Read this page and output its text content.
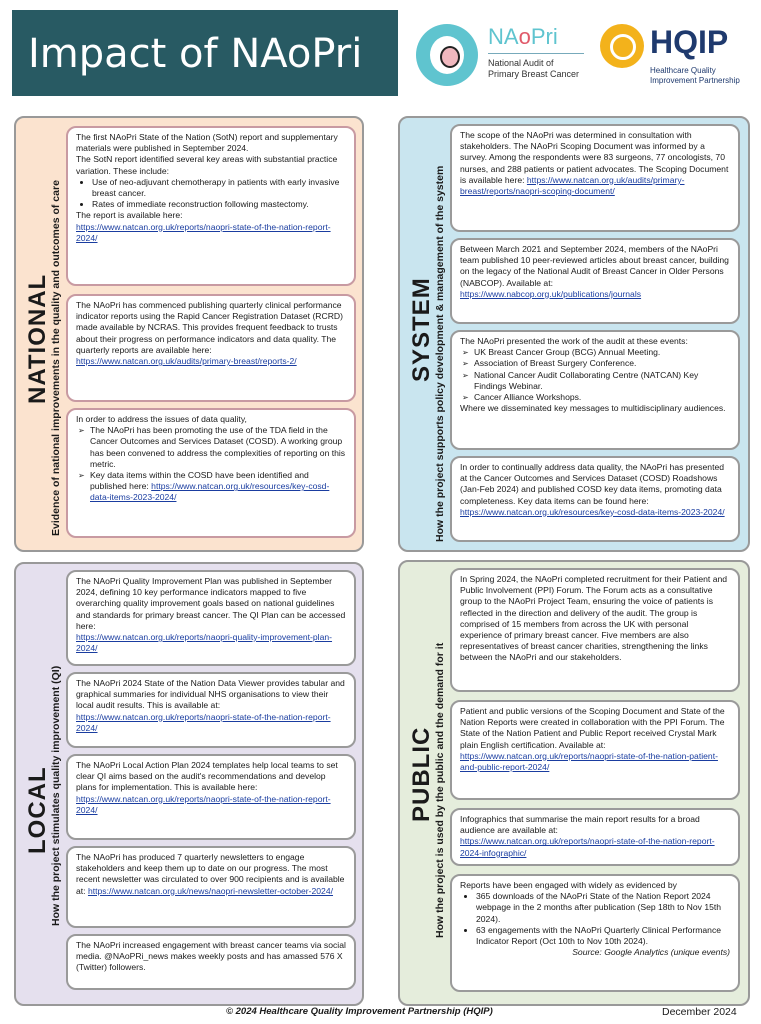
Impact of NAoPri	NAoPri
National Audit of
Primary Breast Cancer
HQIP
Healthcare Quality
Improvement Partnership
NATIONAL Evidence of national improvements in the quality and outcomes of care

The first NAoPri State of the Nation (SotN) report and supplementary materials were published in September 2024.

The SotN report identified several key areas with substantial practice variation. These include:

• Use of neo-adjuvant chemotherapy in patients with early invasive breast cancer.
• Rates of immediate reconstruction following mastectomy.

The report is available here:

https://www.natcan.org.uk/reports/naopri-state-of-the-nation-report-2024/

The NAoPri has commenced publishing quarterly clinical performance indicator reports using the Rapid Cancer Registration Dataset (RCRD) made available by NCRAS. This provides frequent feedback to trusts about their progress on performance indicators and data quality. The quarterly reports are available here:

https://www.natcan.org.uk/audits/primary-breast/reports-2/

In order to address the issues of data quality,

➢ The NAoPri has been promoting the use of the TDA field in the Cancer Outcomes and Services Dataset (COSD). A working group has been convened to address the complexities of reporting on this metric.
➢ Key data items within the COSD have been identified and published here: https://www.natcan.org.uk/resources/key-cosd-data-items-2023-2024/
LOCAL How the project stimulates quality improvement (QI)

The NAoPri Quality Improvement Plan was published in September 2024, defining 10 key performance indicators mapped to five overarching quality improvement goals based on national guidelines and standards for primary breast cancer. The QI Plan can be accessed here:

https://www.natcan.org.uk/reports/naopri-quality-improvement-plan-2024/

The NAoPri 2024 State of the Nation Data Viewer provides tabular and graphical summaries for individual NHS organisations to view their local audit results. This is available at: https://www.natcan.org.uk/reports/naopri-state-of-the-nation-report-2024/

The NAoPri Local Action Plan 2024 templates help local teams to set clear QI aims based on the audit's recommendations and develop plans for implementation. This is available here:

https://www.natcan.org.uk/reports/naopri-state-of-the-nation-report-2024/

The NAoPri has produced 7 quarterly newsletters to engage stakeholders and keep them up to date on our progress. The most recent newsletter was circulated to over 900 recipients and is available at: https://www.natcan.org.uk/news/naopri-newsletter-october-2024/

The NAoPri increased engagement with breast cancer teams via social media. @NAoPRi_news makes weekly posts and has amassed 576 X (Twitter) followers.

SYSTEM How the project supports policy development & management of the system

The scope of the NAoPri was determined in consultation with stakeholders. The NAoPri Scoping Document was informed by a survey. Among the respondents were 83 surgeons, 77 oncologists, 70 nurses, and 288 patients or patient advocates. The Scoping Document is available here: https://www.natcan.org.uk/audits/primary-breast/reports/naopri-scoping-document/

Between March 2021 and September 2024, members of the NAoPri team published 10 peer-reviewed articles about breast cancer, building on the legacy of the National Audit of Breast Cancer in Older Persons (NABCOP). Available at:

https://www.nabcop.org.uk/publications/journals

The NAoPri presented the work of the audit at these events:

➢ UK Breast Cancer Group (BCG) Annual Meeting.
➢ Association of Breast Surgery Conference.
➢ National Cancer Audit Collaborating Centre (NATCAN) Key Findings Webinar.
➢ Cancer Alliance Workshops.

Where we disseminated key messages to multidisciplinary audiences.

In order to continually address data quality, the NAoPri has presented at the Cancer Outcomes and Services Dataset (COSD) Roadshows (Jan-Feb 2024) and published COSD key data items, promoting data completeness. Key data items can be found here: https://www.natcan.org.uk/resources/key-cosd-data-items-2023-2024/

PUBLIC How the project is used by the public and the demand for it

In Spring 2024, the NAoPri completed recruitment for their Patient and Public Involvement (PPI) Forum. The Forum acts as a consultative group to the NAoPri Project Team, ensuring the voice of patients is reflected in the direction and delivery of the audit. The group is comprised of 15 members from across the UK with personal experience of primary breast cancer. Five members are also representatives of breast cancer charities, strengthening the links between the NAoPri and our stakeholders.

Patient and public versions of the Scoping Document and State of the Nation Reports were created in collaboration with the PPI Forum. The State of the Nation Patient and Public Report received Crystal Mark plain English certification. Available at:

https://www.natcan.org.uk/reports/naopri-state-of-the-nation-patient-and-public-report-2024/

Infographics that summarise the main report results for a broad audience are available at:

https://www.natcan.org.uk/reports/naopri-state-of-the-nation-report-2024-infographic/

Reports have been engaged with widely as evidenced by

• 365 downloads of the NAoPri State of the Nation Report 2024 webpage in the 2 months after publication (Sep 18th to Nov 15th 2024).
• 63 engagements with the NAoPri Quarterly Clinical Performance Indicator Report (Oct 10th to Nov 10th 2024).

Source: Google Analytics (unique events)

© 2024 Healthcare Quality Improvement Partnership (HQIP)	December 2024
